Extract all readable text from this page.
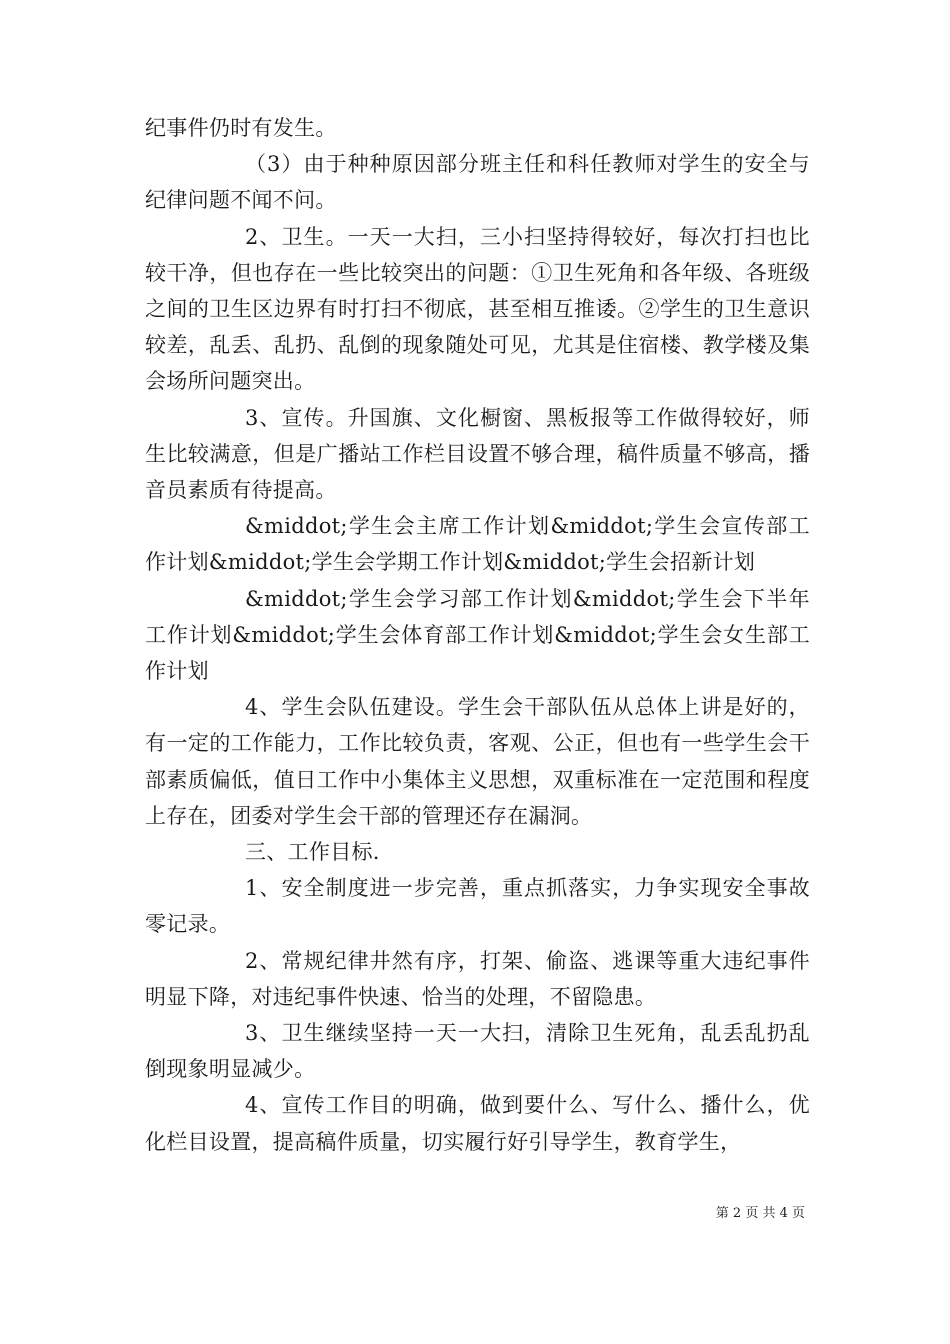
纪事件仍时有发生。

（3）由于种种原因部分班主任和科任教师对学生的安全与纪律问题不闻不问。

2、卫生。一天一大扫，三小扫坚持得较好，每次打扫也比较干净，但也存在一些比较突出的问题：①卫生死角和各年级、各班级之间的卫生区边界有时打扫不彻底，甚至相互推诿。②学生的卫生意识较差，乱丢、乱扔、乱倒的现象随处可见，尤其是住宿楼、教学楼及集会场所问题突出。

3、宣传。升国旗、文化橱窗、黑板报等工作做得较好，师生比较满意，但是广播站工作栏目设置不够合理，稿件质量不够高，播音员素质有待提高。

&middot;学生会主席工作计划&middot;学生会宣传部工作计划&middot;学生会学期工作计划&middot;学生会招新计划

&middot;学生会学习部工作计划&middot;学生会下半年工作计划&middot;学生会体育部工作计划&middot;学生会女生部工作计划

4、学生会队伍建设。学生会干部队伍从总体上讲是好的，有一定的工作能力，工作比较负责，客观、公正，但也有一些学生会干部素质偏低，值日工作中小集体主义思想，双重标准在一定范围和程度上存在，团委对学生会干部的管理还存在漏洞。

三、工作目标.

1、安全制度进一步完善，重点抓落实，力争实现安全事故零记录。

2、常规纪律井然有序，打架、偷盗、逃课等重大违纪事件明显下降，对违纪事件快速、恰当的处理，不留隐患。

3、卫生继续坚持一天一大扫，清除卫生死角，乱丢乱扔乱倒现象明显减少。

4、宣传工作目的明确，做到要什么、写什么、播什么，优化栏目设置，提高稿件质量，切实履行好引导学生，教育学生，

第 2 页 共 4 页
